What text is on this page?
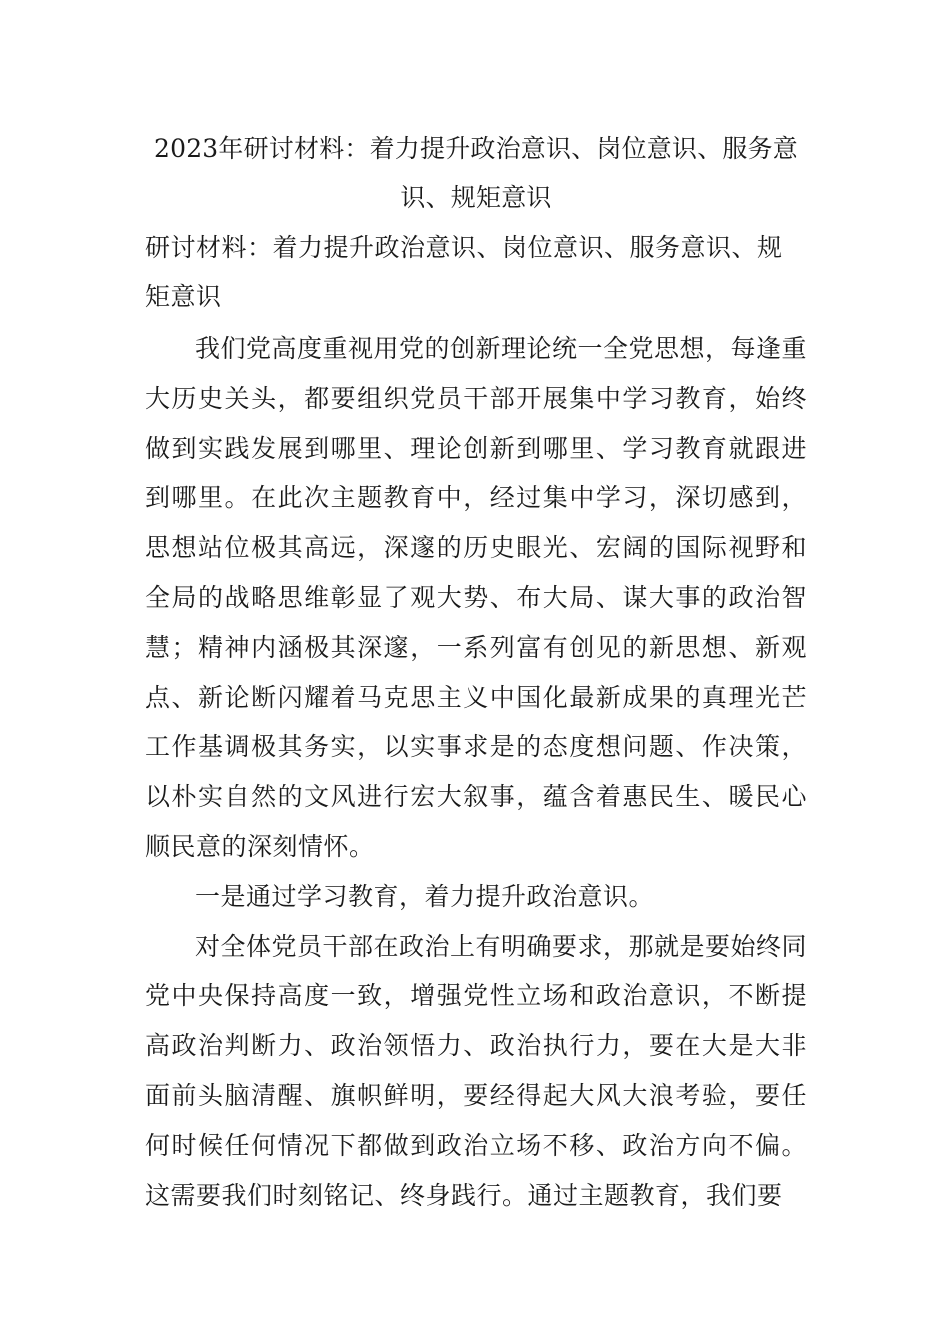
2023年研讨材料：着力提升政治意识、岗位意识、服务意识、规矩意识

研讨材料：着力提升政治意识、岗位意识、服务意识、规矩意识

我们党高度重视用党的创新理论统一全党思想，每逢重大历史关头，都要组织党员干部开展集中学习教育，始终做到实践发展到哪里、理论创新到哪里、学习教育就跟进到哪里。在此次主题教育中，经过集中学习，深切感到，思想站位极其高远，深邃的历史眼光、宏阔的国际视野和全局的战略思维彰显了观大势、布大局、谋大事的政治智慧；精神内涵极其深邃，一系列富有创见的新思想、新观点、新论断闪耀着马克思主义中国化最新成果的真理光芒工作基调极其务实，以实事求是的态度想问题、作决策，以朴实自然的文风进行宏大叙事，蕴含着惠民生、暖民心顺民意的深刻情怀。

一是通过学习教育，着力提升政治意识。

对全体党员干部在政治上有明确要求，那就是要始终同党中央保持高度一致，增强党性立场和政治意识，不断提高政治判断力、政治领悟力、政治执行力，要在大是大非面前头脑清醒、旗帜鲜明，要经得起大风大浪考验，要任何时候任何情况下都做到政治立场不移、政治方向不偏。这需要我们时刻铭记、终身践行。通过主题教育，我们要
